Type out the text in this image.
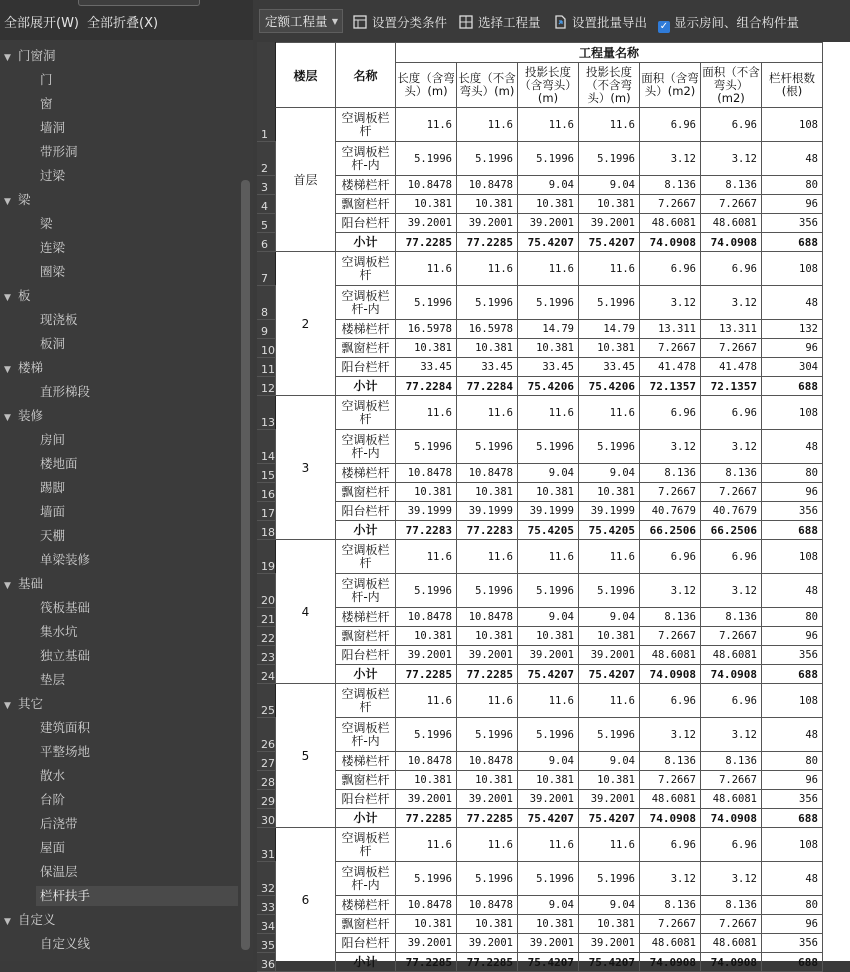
全部展开(W) 全部折叠(X)
▼ 门窗洞
门
窗
墙洞
带形洞
过梁
▼ 梁
梁
连梁
圈梁
▼ 板
现浇板
板洞
▼ 楼梯
直形梯段
▼ 装修
房间
楼地面
踢脚
墙面
天棚
单梁装修
▼ 基础
筏板基础
集水坑
独立基础
垫层
▼ 其它
建筑面积
平整场地
散水
台阶
后浇带
屋面
保温层
栏杆扶手
▼ 自定义
自定义线
定额工程量 ▼	设置分类条件	选择工程量	设置批量导出 ✓ 显示房间、组合构件量
	楼层	名称	工程量名称						
			长度（含弯头）(m)	长度（不含弯头）(m)	投影长度（含弯头）(m)	投影长度（不含弯头）(m)	面积（含弯头）(m2)	面积（不含弯头）(m2)	栏杆根数(根)
1	首层	空调板栏杆	11.6	11.6	11.6	11.6	6.96	6.96	108
2		空调板栏杆-内	5.1996	5.1996	5.1996	5.1996	3.12	3.12	48
3		楼梯栏杆	10.8478	10.8478	9.04	9.04	8.136	8.136	80
4		飘窗栏杆	10.381	10.381	10.381	10.381	7.2667	7.2667	96
5		阳台栏杆	39.2001	39.2001	39.2001	39.2001	48.6081	48.6081	356
6		小计	77.2285	77.2285	75.4207	75.4207	74.0908	74.0908	688
7	2	空调板栏杆	11.6	11.6	11.6	11.6	6.96	6.96	108
8		空调板栏杆-内	5.1996	5.1996	5.1996	5.1996	3.12	3.12	48
9		楼梯栏杆	16.5978	16.5978	14.79	14.79	13.311	13.311	132
10		飘窗栏杆	10.381	10.381	10.381	10.381	7.2667	7.2667	96
11		阳台栏杆	33.45	33.45	33.45	33.45	41.478	41.478	304
12		小计	77.2284	77.2284	75.4206	75.4206	72.1357	72.1357	688
13	3	空调板栏杆	11.6	11.6	11.6	11.6	6.96	6.96	108
14		空调板栏杆-内	5.1996	5.1996	5.1996	5.1996	3.12	3.12	48
15		楼梯栏杆	10.8478	10.8478	9.04	9.04	8.136	8.136	80
16		飘窗栏杆	10.381	10.381	10.381	10.381	7.2667	7.2667	96
17		阳台栏杆	39.1999	39.1999	39.1999	39.1999	40.7679	40.7679	356
18		小计	77.2283	77.2283	75.4205	75.4205	66.2506	66.2506	688
19	4	空调板栏杆	11.6	11.6	11.6	11.6	6.96	6.96	108
20		空调板栏杆-内	5.1996	5.1996	5.1996	5.1996	3.12	3.12	48
21		楼梯栏杆	10.8478	10.8478	9.04	9.04	8.136	8.136	80
22		飘窗栏杆	10.381	10.381	10.381	10.381	7.2667	7.2667	96
23		阳台栏杆	39.2001	39.2001	39.2001	39.2001	48.6081	48.6081	356
24		小计	77.2285	77.2285	75.4207	75.4207	74.0908	74.0908	688
25	5	空调板栏杆	11.6	11.6	11.6	11.6	6.96	6.96	108
26		空调板栏杆-内	5.1996	5.1996	5.1996	5.1996	3.12	3.12	48
27		楼梯栏杆	10.8478	10.8478	9.04	9.04	8.136	8.136	80
28		飘窗栏杆	10.381	10.381	10.381	10.381	7.2667	7.2667	96
29		阳台栏杆	39.2001	39.2001	39.2001	39.2001	48.6081	48.6081	356
30		小计	77.2285	77.2285	75.4207	75.4207	74.0908	74.0908	688
31	6	空调板栏杆	11.6	11.6	11.6	11.6	6.96	6.96	108
32		空调板栏杆-内	5.1996	5.1996	5.1996	5.1996	3.12	3.12	48
33		楼梯栏杆	10.8478	10.8478	9.04	9.04	8.136	8.136	80
34		飘窗栏杆	10.381	10.381	10.381	10.381	7.2667	7.2667	96
35		阳台栏杆	39.2001	39.2001	39.2001	39.2001	48.6081	48.6081	356
36		小计	77.2285	77.2285	75.4207	75.4207	74.0908	74.0908	688
